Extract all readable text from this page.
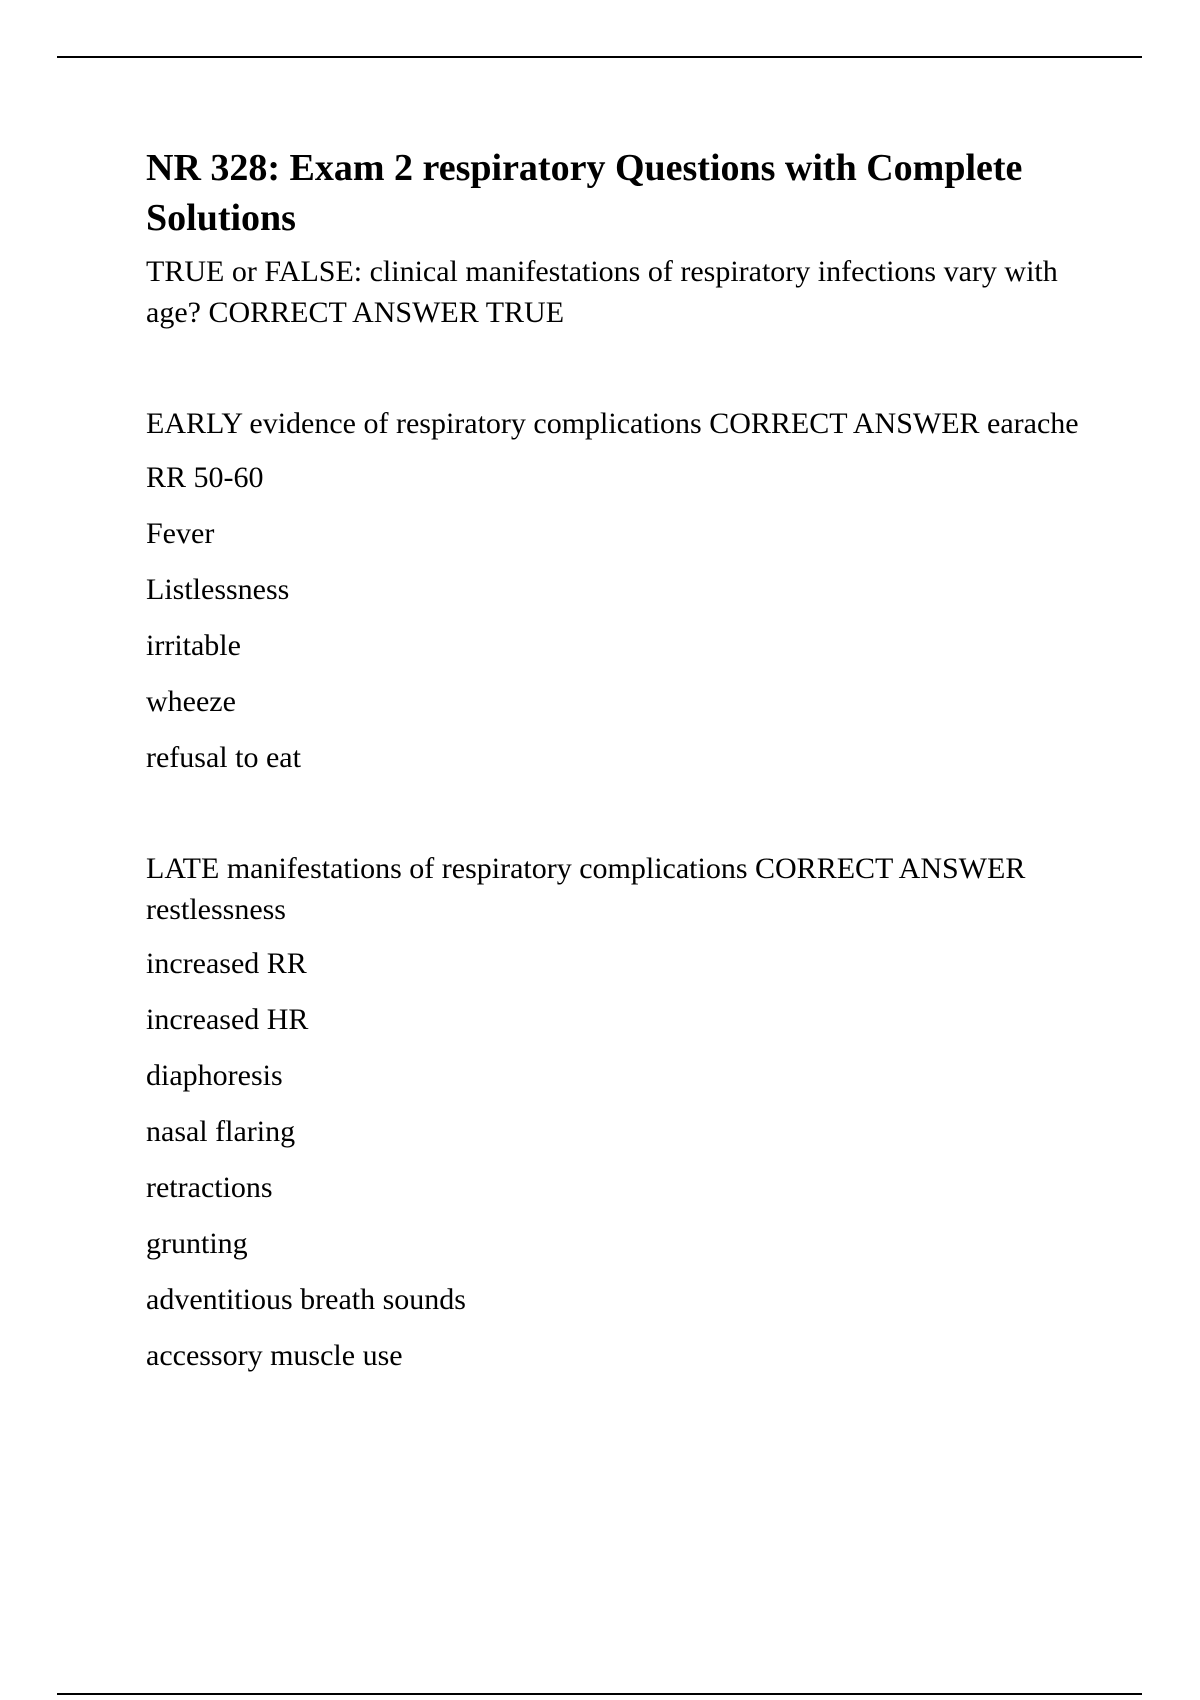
NR 328: Exam 2 respiratory Questions with Complete Solutions

TRUE or FALSE: clinical manifestations of respiratory infections vary with age? CORRECT ANSWER TRUE

EARLY evidence of respiratory complications CORRECT ANSWER earache

RR 50-60

Fever

Listlessness

irritable

wheeze

refusal to eat

LATE manifestations of respiratory complications CORRECT ANSWER restlessness

increased RR

increased HR

diaphoresis

nasal flaring

retractions

grunting

adventitious breath sounds

accessory muscle use
